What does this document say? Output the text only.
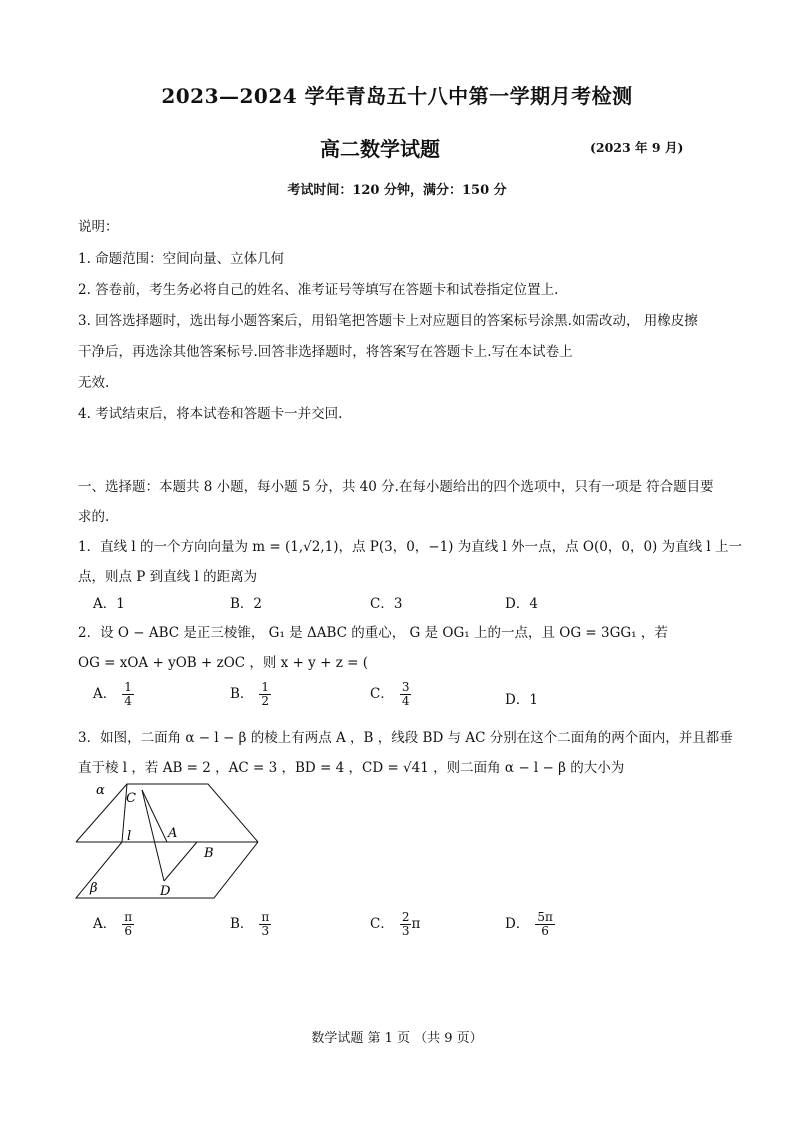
2023—2024 学年青岛五十八中第一学期月考检测
高二数学试题	(2023 年 9 月)
考试时间：120 分钟，满分：150 分
说明：
1. 命题范围：空间向量、立体几何
2. 答卷前，考生务必将自己的姓名、准考证号等填写在答题卡和试卷指定位置上.
3. 回答选择题时，选出每小题答案后，用铅笔把答题卡上对应题目的答案标号涂黑.如需改动， 用橡皮擦
干净后，再选涂其他答案标号.回答非选择题时，将答案写在答题卡上.写在本试卷上
无效.
4. 考试结束后，将本试卷和答题卡一并交回.
一、选择题：本题共 8 小题，每小题 5 分，共 40 分.在每小题给出的四个选项中，只有一项是 符合题目要
求的.
1．直线 l 的一个方向向量为 m = (1,√2,1)，点 P(3，0，−1) 为直线 l 外一点，点 O(0，0，0) 为直线 l 上一
点，则点 P 到直线 l 的距离为
A．1	B．2	C．3	D．4
2．设 O − ABC 是正三棱锥， G₁ 是 ΔABC 的重心， G 是 OG₁ 上的一点，且 OG = 3GG₁ ，若
OG = xOA + yOB + zOC ，则 x + y + z = (
A． $\frac{1}{4}$	B． $\frac{1}{2}$	C． $\frac{3}{4}$	D．1
3．如图，二面角 α − l − β 的棱上有两点 A ，B ，线段 BD 与 AC 分别在这个二面角的两个面内，并且都垂
直于棱 l ，若 AB = 2 ，AC = 3 ，BD = 4 ，CD = √41 ，则二面角 α − l − β 的大小为
α
β
l
C
A
B
D
A． $\frac{\pi}{6}$	B． $\frac{\pi}{3}$	C． $\frac{2}{3}$ π	D． $\frac{5\pi}{6}$
数学试题 第 1 页 （共 9 页）
